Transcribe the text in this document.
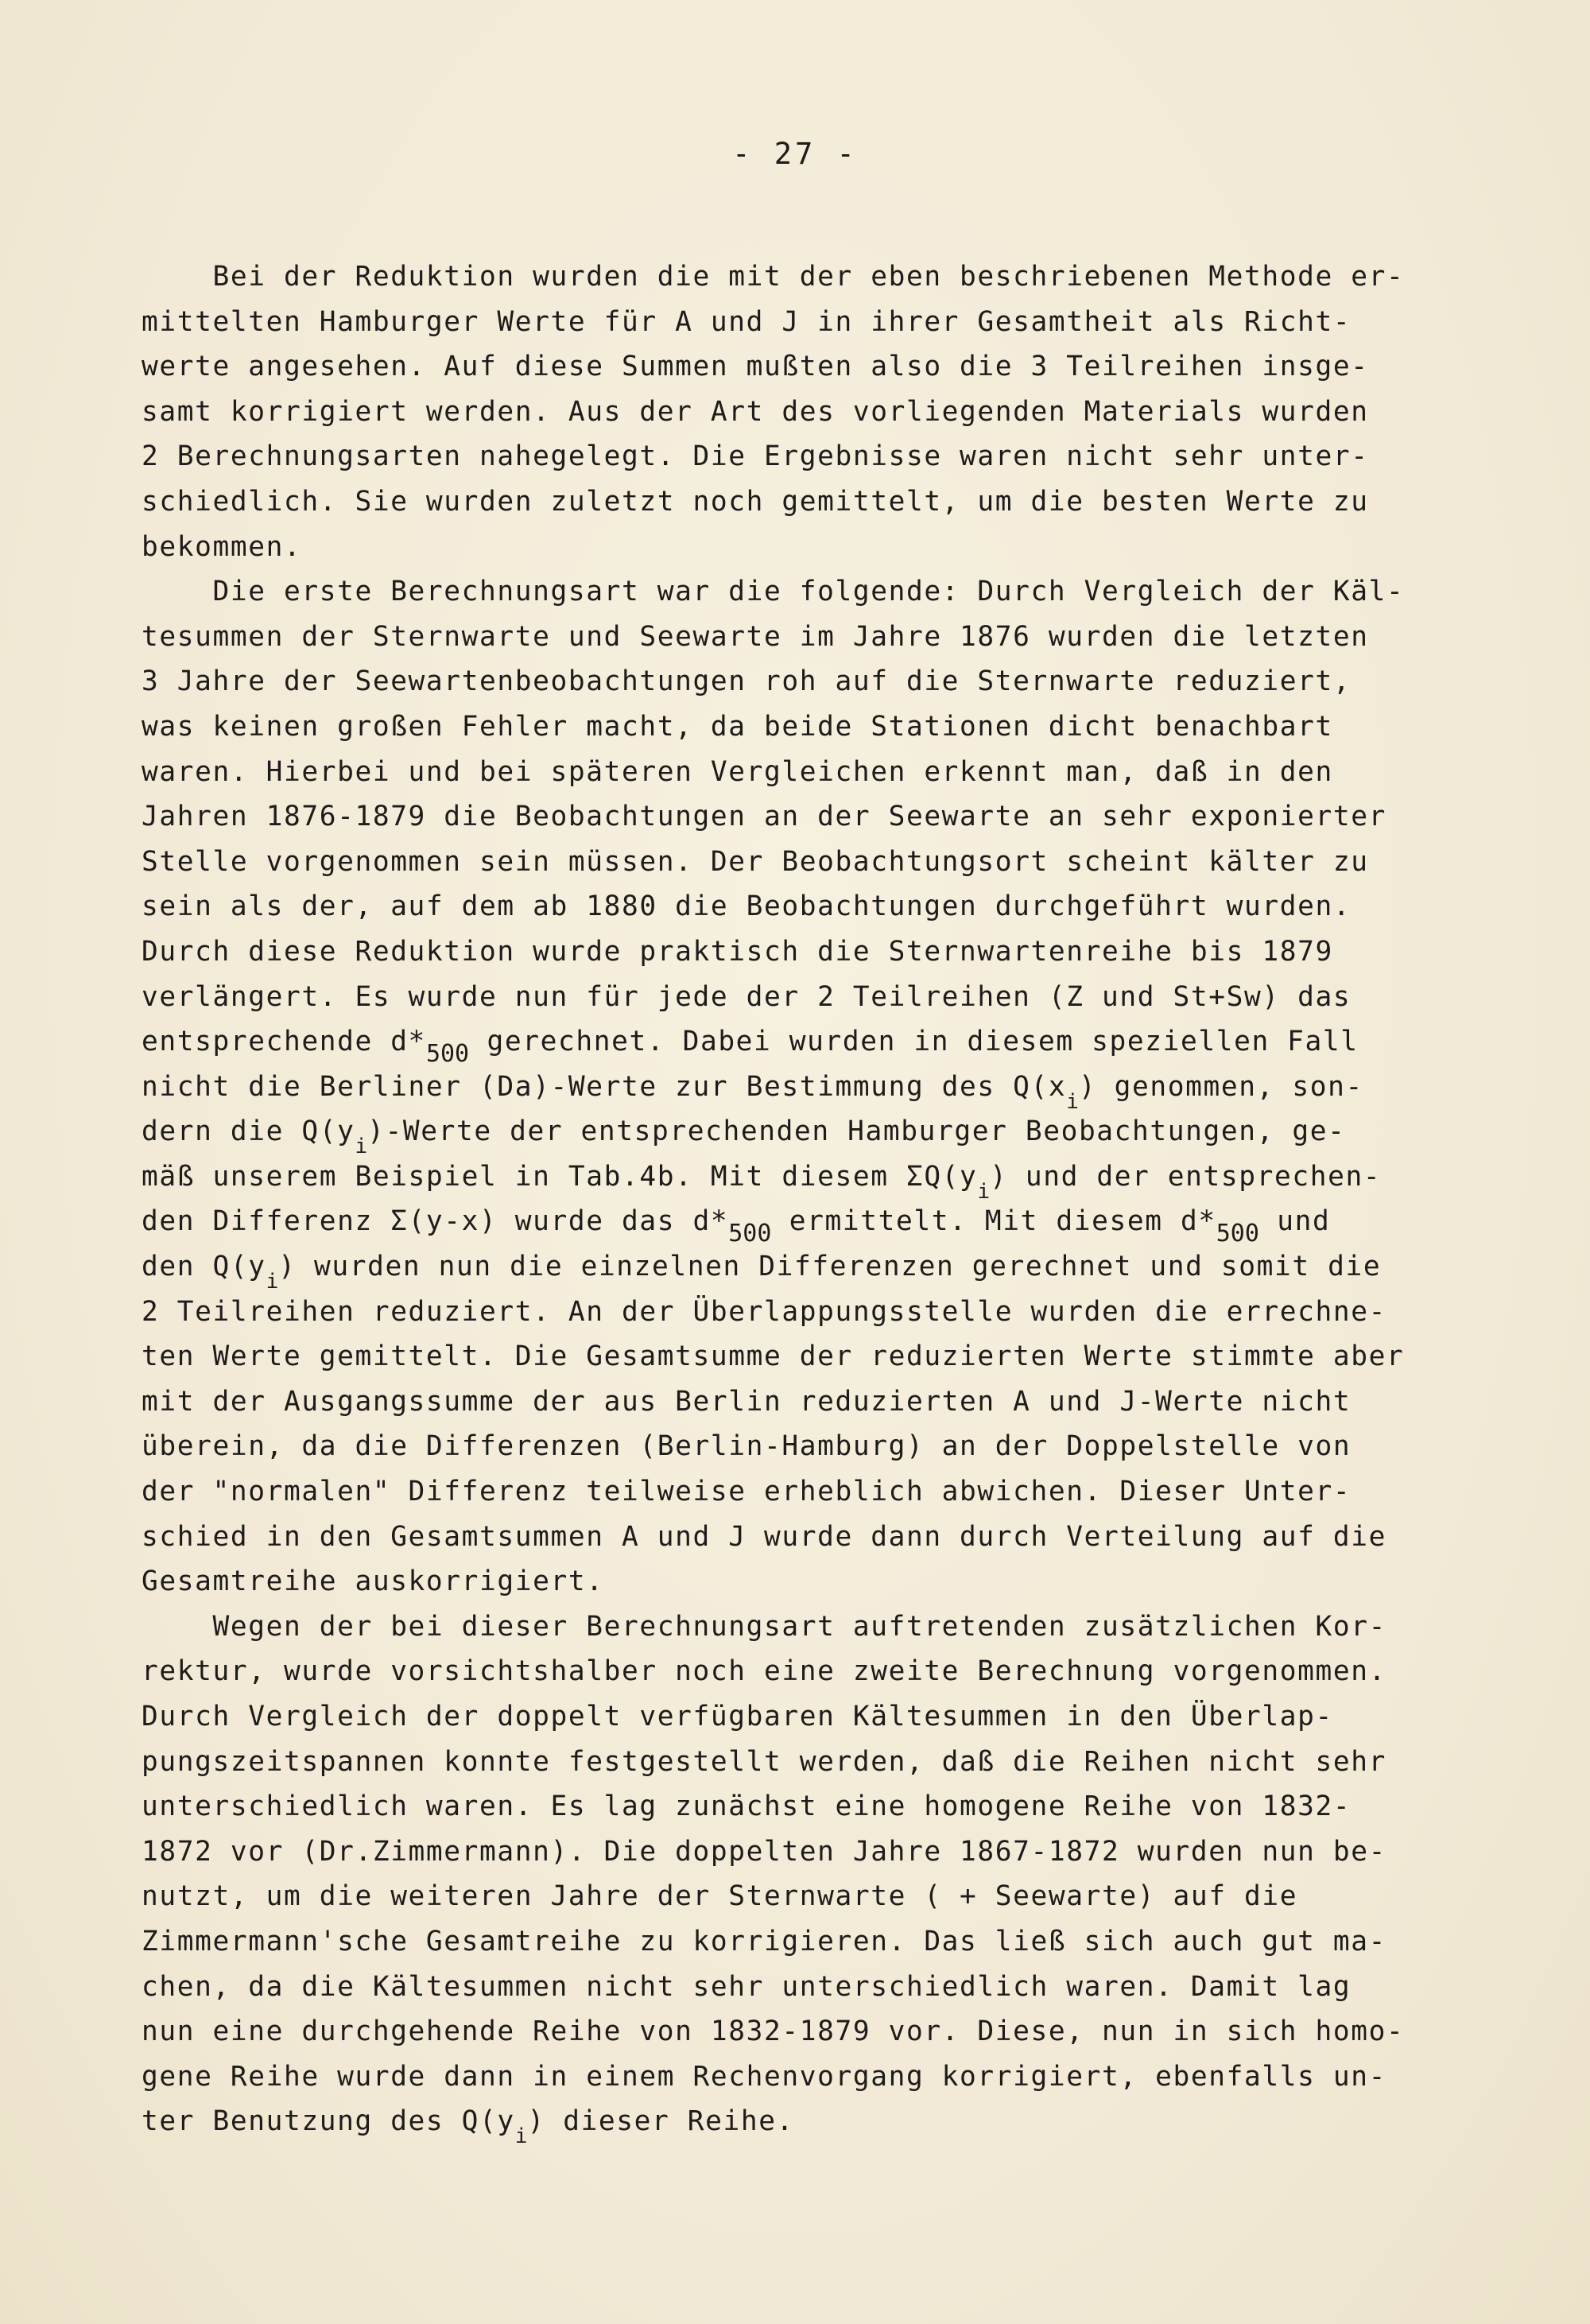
- 27 -
Bei der Reduktion wurden die mit der eben beschriebenen Methode er-
mittelten Hamburger Werte für A und J in ihrer Gesamtheit als Richt-
werte angesehen. Auf diese Summen mußten also die 3 Teilreihen insge-
samt korrigiert werden. Aus der Art des vorliegenden Materials wurden
2 Berechnungsarten nahegelegt. Die Ergebnisse waren nicht sehr unter-
schiedlich. Sie wurden zuletzt noch gemittelt, um die besten Werte zu
bekommen.
Die erste Berechnungsart war die folgende: Durch Vergleich der Käl-
tesummen der Sternwarte und Seewarte im Jahre 1876 wurden die letzten
3 Jahre der Seewartenbeobachtungen roh auf die Sternwarte reduziert,
was keinen großen Fehler macht, da beide Stationen dicht benachbart
waren. Hierbei und bei späteren Vergleichen erkennt man, daß in den
Jahren 1876-1879 die Beobachtungen an der Seewarte an sehr exponierter
Stelle vorgenommen sein müssen. Der Beobachtungsort scheint kälter zu
sein als der, auf dem ab 1880 die Beobachtungen durchgeführt wurden.
Durch diese Reduktion wurde praktisch die Sternwartenreihe bis 1879
verlängert. Es wurde nun für jede der 2 Teilreihen (Z und St+Sw) das
entsprechende d*500 gerechnet. Dabei wurden in diesem speziellen Fall
nicht die Berliner (Da)-Werte zur Bestimmung des $Q(x_i)$ genommen, son-
dern die $Q(y_i)$-Werte der entsprechenden Hamburger Beobachtungen, ge-
mäß unserem Beispiel in Tab.4b. Mit diesem $\Sigma Q(y_i)$ und der entsprechen-
den Differenz Σ(y-x) wurde das d*500 ermittelt. Mit diesem d*500 und
den $Q(y_i)$ wurden nun die einzelnen Differenzen gerechnet und somit die
2 Teilreihen reduziert. An der Überlappungsstelle wurden die errechne-
ten Werte gemittelt. Die Gesamtsumme der reduzierten Werte stimmte aber
mit der Ausgangssumme der aus Berlin reduzierten A und J-Werte nicht
überein, da die Differenzen (Berlin-Hamburg) an der Doppelstelle von
der "normalen" Differenz teilweise erheblich abwichen. Dieser Unter-
schied in den Gesamtsummen A und J wurde dann durch Verteilung auf die
Gesamtreihe auskorrigiert.
Wegen der bei dieser Berechnungsart auftretenden zusätzlichen Kor-
rektur, wurde vorsichtshalber noch eine zweite Berechnung vorgenommen.
Durch Vergleich der doppelt verfügbaren Kältesummen in den Überlap-
pungszeitspannen konnte festgestellt werden, daß die Reihen nicht sehr
unterschiedlich waren. Es lag zunächst eine homogene Reihe von 1832-
1872 vor (Dr.Zimmermann). Die doppelten Jahre 1867-1872 wurden nun be-
nutzt, um die weiteren Jahre der Sternwarte ( + Seewarte) auf die
Zimmermann'sche Gesamtreihe zu korrigieren. Das ließ sich auch gut ma-
chen, da die Kältesummen nicht sehr unterschiedlich waren. Damit lag
nun eine durchgehende Reihe von 1832-1879 vor. Diese, nun in sich homo-
gene Reihe wurde dann in einem Rechenvorgang korrigiert, ebenfalls un-
ter Benutzung des $Q(y_i)$ dieser Reihe.
